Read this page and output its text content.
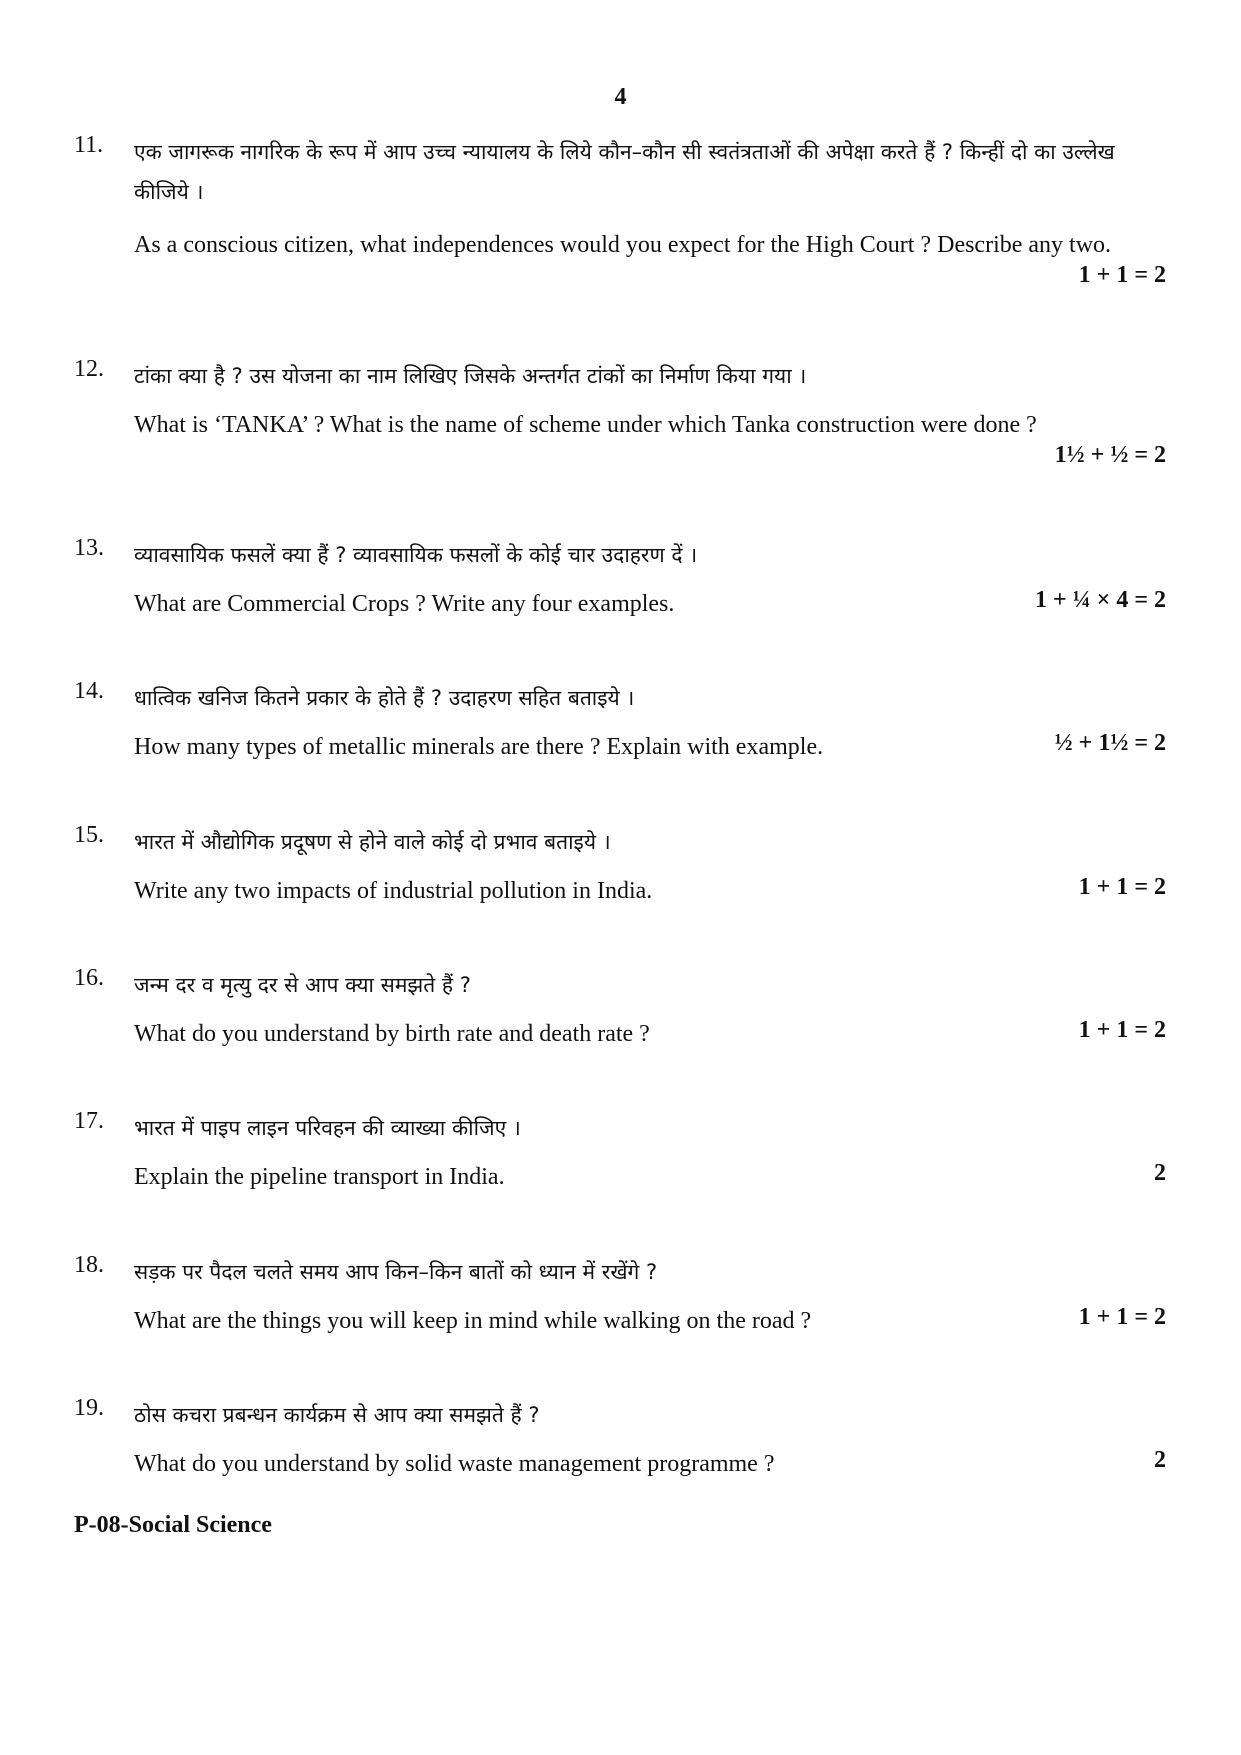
4
11. एक जागरूक नागरिक के रूप में आप उच्च न्यायालय के लिये कौन–कौन सी स्वतंत्रताओं की अपेक्षा करते हैं ? किन्हीं दो का उल्लेख कीजिये ।
As a conscious citizen, what independences would you expect for the High Court ? Describe any two.
1 + 1 = 2
12. टांका क्या है ? उस योजना का नाम लिखिए जिसके अन्तर्गत टांकों का निर्माण किया गया ।
What is ‘TANKA’ ? What is the name of scheme under which Tanka construction were done ?
1½ + ½ = 2
13. व्यावसायिक फसलें क्या हैं ? व्यावसायिक फसलों के कोई चार उदाहरण दें ।
What are Commercial Crops ? Write any four examples.	1 + ¼ × 4 = 2
14. धात्विक खनिज कितने प्रकार के होते हैं ? उदाहरण सहित बताइये ।
How many types of metallic minerals are there ? Explain with example.	½ + 1½ = 2
15. भारत में औद्योगिक प्रदूषण से होने वाले कोई दो प्रभाव बताइये ।
Write any two impacts of industrial pollution in India.	1 + 1 = 2
16. जन्म दर व मृत्यु दर से आप क्या समझते हैं ?
What do you understand by birth rate and death rate ?	1 + 1 = 2
17. भारत में पाइप लाइन परिवहन की व्याख्या कीजिए ।
Explain the pipeline transport in India.	2
18. सड़क पर पैदल चलते समय आप किन–किन बातों को ध्यान में रखेंगे ?
What are the things you will keep in mind while walking on the road ?	1 + 1 = 2
19. ठोस कचरा प्रबन्धन कार्यक्रम से आप क्या समझते हैं ?
What do you understand by solid waste management programme ?	2
P-08-Social Science
